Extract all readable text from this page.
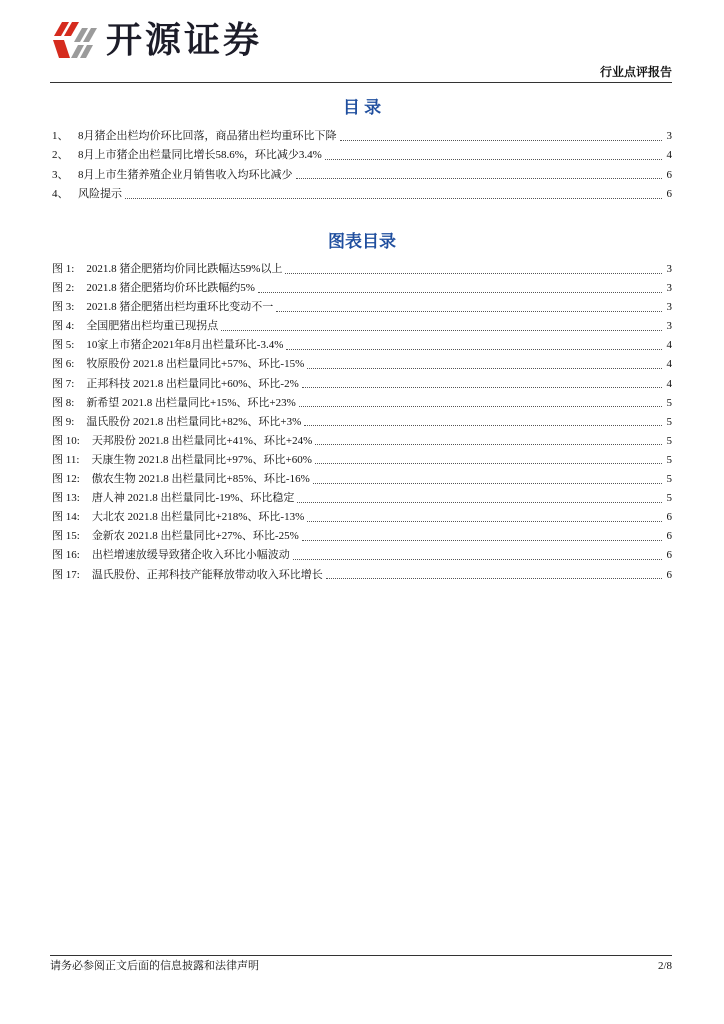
开源证券
行业点评报告
目 录
1、 8月猪企出栏均价环比回落，商品猪出栏均重环比下降	3
2、 8月上市猪企出栏量同比增长58.6%，环比减少3.4%	4
3、 8月上市生猪养殖企业月销售收入均环比减少	6
4、 风险提示	6
图表目录
图 1: 2021.8 猪企肥猪均价同比跌幅达59%以上	3
图 2: 2021.8 猪企肥猪均价环比跌幅约5%	3
图 3: 2021.8 猪企肥猪出栏均重环比变动不一	3
图 4: 全国肥猪出栏均重已现拐点	3
图 5: 10家上市猪企2021年8月出栏量环比-3.4%	4
图 6: 牧原股份 2021.8 出栏量同比+57%、环比-15%	4
图 7: 正邦科技 2021.8 出栏量同比+60%、环比-2%	4
图 8: 新希望 2021.8 出栏量同比+15%、环比+23%	5
图 9: 温氏股份 2021.8 出栏量同比+82%、环比+3%	5
图 10: 天邦股份 2021.8 出栏量同比+41%、环比+24%	5
图 11: 天康生物 2021.8 出栏量同比+97%、环比+60%	5
图 12: 傲农生物 2021.8 出栏量同比+85%、环比-16%	5
图 13: 唐人神 2021.8 出栏量同比-19%、环比稳定	5
图 14: 大北农 2021.8 出栏量同比+218%、环比-13%	6
图 15: 金新农 2021.8 出栏量同比+27%、环比-25%	6
图 16: 出栏增速放缓导致猪企收入环比小幅波动	6
图 17: 温氏股份、正邦科技产能释放带动收入环比增长	6
请务必参阅正文后面的信息披露和法律声明	2/8
